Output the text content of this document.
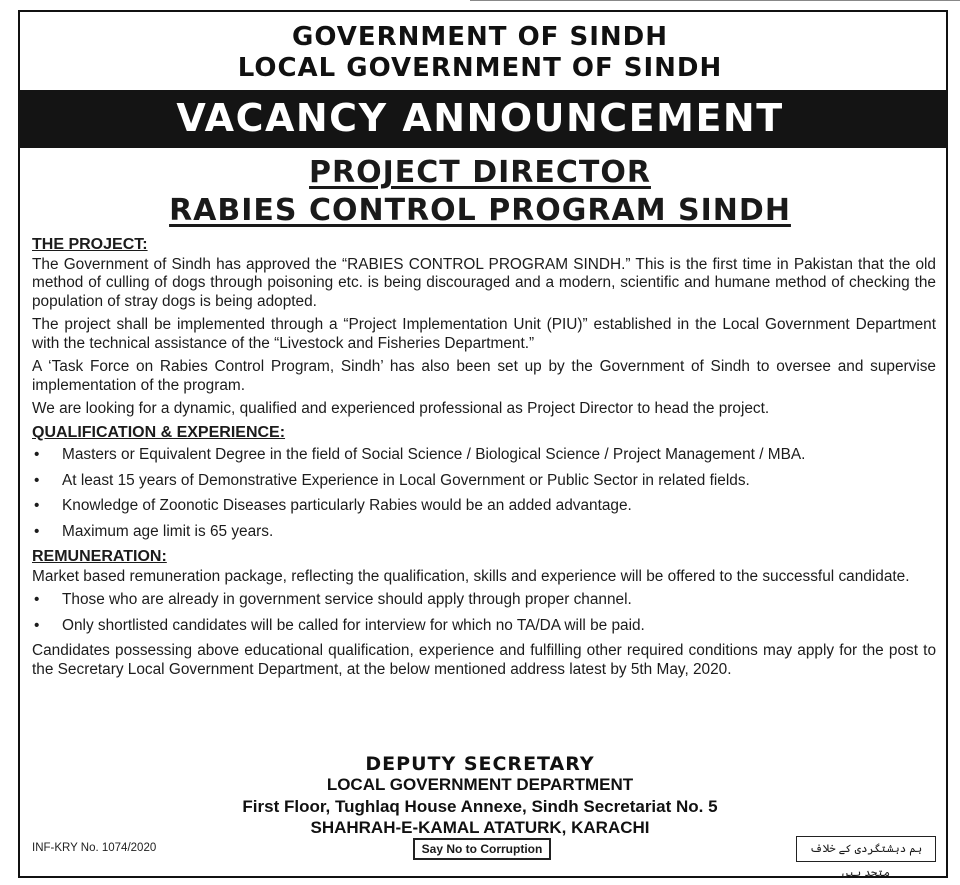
GOVERNMENT OF SINDH
LOCAL GOVERNMENT OF SINDH
VACANCY ANNOUNCEMENT
PROJECT DIRECTOR
RABIES CONTROL PROGRAM SINDH
THE PROJECT:

The Government of Sindh has approved the “RABIES CONTROL PROGRAM SINDH.” This is the first time in Pakistan that the old method of culling of dogs through poisoning etc. is being discouraged and a modern, scientific and humane method of checking the population of stray dogs is being adopted.

The project shall be implemented through a “Project Implementation Unit (PIU)” established in the Local Government Department with the technical assistance of the “Livestock and Fisheries Department.”

A ‘Task Force on Rabies Control Program, Sindh’ has also been set up by the Government of Sindh to oversee and supervise implementation of the program.

We are looking for a dynamic, qualified and experienced professional as Project Director to head the project.

QUALIFICATION & EXPERIENCE:
• Masters or Equivalent Degree in the field of Social Science / Biological Science / Project Management / MBA.
• At least 15 years of Demonstrative Experience in Local Government or Public Sector in related fields.
• Knowledge of Zoonotic Diseases particularly Rabies would be an added advantage.
• Maximum age limit is 65 years.
REMUNERATION:

Market based remuneration package, reflecting the qualification, skills and experience will be offered to the successful candidate.

• Those who are already in government service should apply through proper channel.
• Only shortlisted candidates will be called for interview for which no TA/DA will be paid.

Candidates possessing above educational qualification, experience and fulfilling other required conditions may apply for the post to the Secretary Local Government Department, at the below mentioned address latest by 5th May, 2020.

DEPUTY SECRETARY
LOCAL GOVERNMENT DEPARTMENT
First Floor, Tughlaq House Annexe, Sindh Secretariat No. 5
SHAHRAH-E-KAMAL ATATURK, KARACHI
INF-KRY No. 1074/2020	Say No to Corruption	ہم دہشتگردی کے خلاف متحد ہیں
